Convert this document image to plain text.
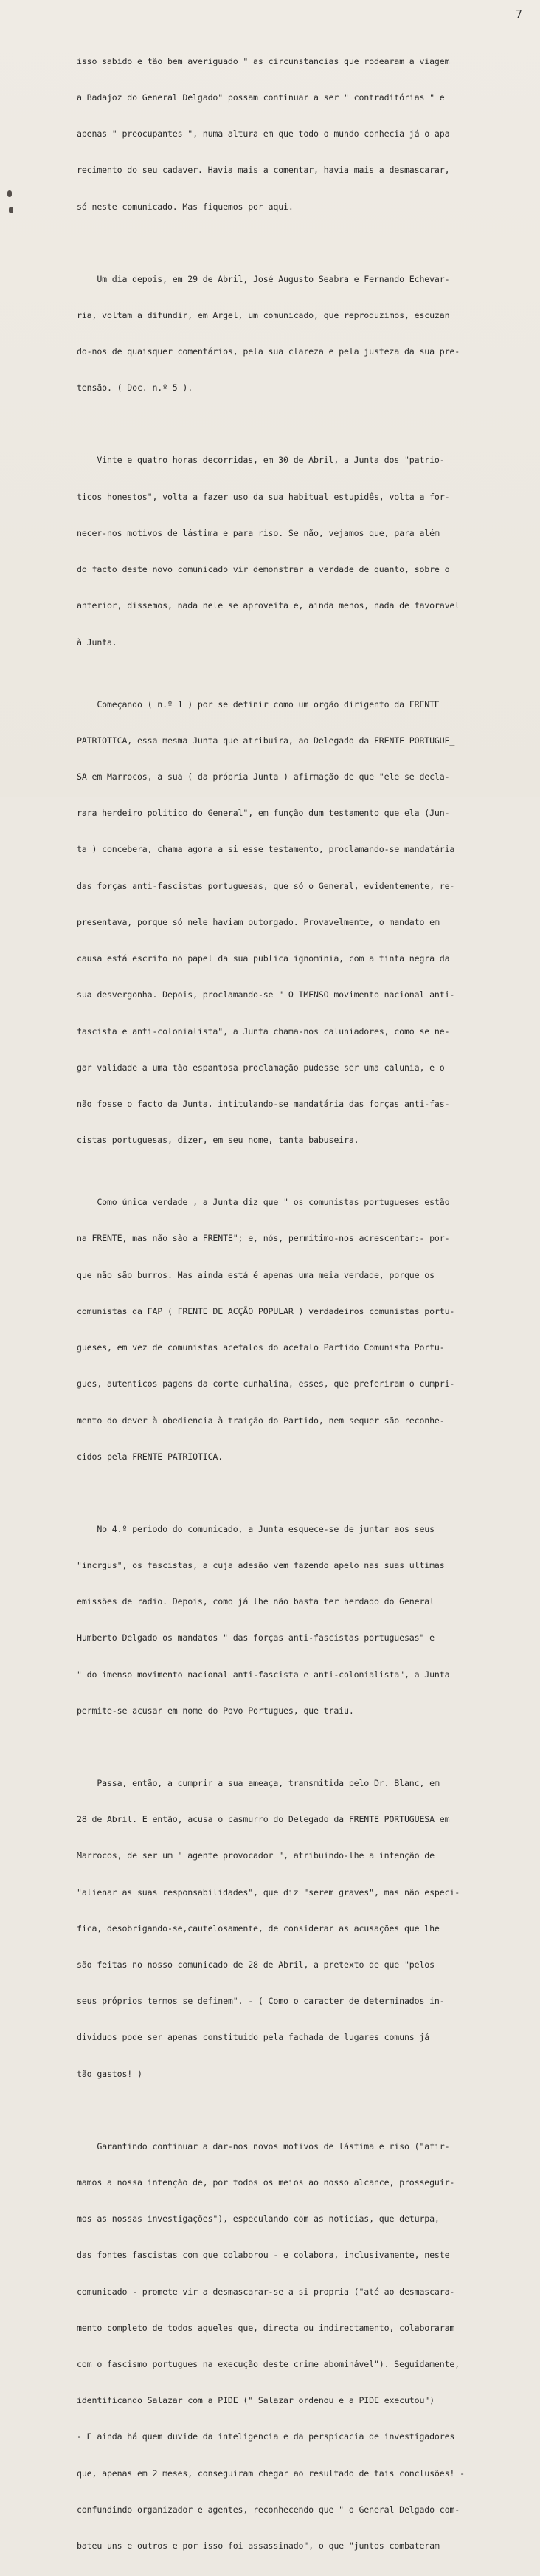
7

isso sabido e tão bem averiguado " as circunstancias que rodearam a viagem

a Badajoz do General Delgado" possam continuar a ser " contraditórias " e

apenas " preocupantes ", numa altura em que todo o mundo conhecia já o apa

recimento do seu cadaver. Havia mais a comentar, havia mais a desmascarar,

só neste comunicado. Mas fiquemos por aqui.

Um dia depois, em 29 de Abril, José Augusto Seabra e Fernando Echevar-

ria, voltam a difundir, em Argel, um comunicado, que reproduzimos, escuzan

do-nos de quaisquer comentários, pela sua clareza e pela justeza da sua pre-

tensão. ( Doc. n.º 5 ).

Vinte e quatro horas decorridas, em 30 de Abril, a Junta dos "patrio-

ticos honestos", volta a fazer uso da sua habitual estupidês, volta a for-

necer-nos motivos de lástima e para riso. Se não, vejamos que, para além

do facto deste novo comunicado vir demonstrar a verdade de quanto, sobre o

anterior, dissemos, nada nele se aproveita e, ainda menos, nada de favoravel

à Junta.

Começando ( n.º 1 ) por se definir como um orgão dirigento da FRENTE

PATRIOTICA, essa mesma Junta que atribuira, ao Delegado da FRENTE PORTUGUE_

SA em Marrocos, a sua ( da própria Junta ) afirmação de que "ele se decla-

rara herdeiro politico do General", em função dum testamento que ela (Jun-

ta ) concebera, chama agora a si esse testamento, proclamando-se mandatária

das forças anti-fascistas portuguesas, que só o General, evidentemente, re-

presentava, porque só nele haviam outorgado. Provavelmente, o mandato em

causa está escrito no papel da sua publica ignominia, com a tinta negra da

sua desvergonha. Depois, proclamando-se " O IMENSO movimento nacional anti-

fascista e anti-colonialista", a Junta chama-nos caluniadores, como se ne-

gar validade a uma tão espantosa proclamação pudesse ser uma calunia, e o

não fosse o facto da Junta, intitulando-se mandatária das forças anti-fas-

cistas portuguesas, dizer, em seu nome, tanta babuseira.

Como única verdade , a Junta diz que " os comunistas portugueses estão

na FRENTE, mas não são a FRENTE"; e, nós, permitimo-nos acrescentar:- por-

que não são burros. Mas ainda está é apenas uma meia verdade, porque os

comunistas da FAP ( FRENTE DE ACÇÃO POPULAR ) verdadeiros comunistas portu-

gueses, em vez de comunistas acefalos do acefalo Partido Comunista Portu-

gues, autenticos pagens da corte cunhalina, esses, que preferiram o cumpri-

mento do dever à obediencia à traição do Partido, nem sequer são reconhe-

cidos pela FRENTE PATRIOTICA.

No 4.º periodo do comunicado, a Junta esquece-se de juntar aos seus

"incrgus", os fascistas, a cuja adesão vem fazendo apelo nas suas ultimas

emissões de radio. Depois, como já lhe não basta ter herdado do General

Humberto Delgado os mandatos " das forças anti-fascistas portuguesas" e

" do imenso movimento nacional anti-fascista e anti-colonialista", a Junta

permite-se acusar em nome do Povo Portugues, que traiu.

Passa, então, a cumprir a sua ameaça, transmitida pelo Dr. Blanc, em

28 de Abril. E então, acusa o casmurro do Delegado da FRENTE PORTUGUESA em

Marrocos, de ser um " agente provocador ", atribuindo-lhe a intenção de

"alienar as suas responsabilidades", que diz "serem graves", mas não especi-

fica, desobrigando-se,cautelosamente, de considerar as acusações que lhe

são feitas no nosso comunicado de 28 de Abril, a pretexto de que "pelos

seus próprios termos se definem". - ( Como o caracter de determinados in-

dividuos pode ser apenas constituido pela fachada de lugares comuns já

tão gastos! )

Garantindo continuar a dar-nos novos motivos de lástima e riso ("afir-

mamos a nossa intenção de, por todos os meios ao nosso alcance, prosseguir-

mos as nossas investigações"), especulando com as noticias, que deturpa,

das fontes fascistas com que colaborou - e colabora, inclusivamente, neste

comunicado - promete vir a desmascarar-se a si propria ("até ao desmascara-

mento completo de todos aqueles que, directa ou indirectamento, colaboraram

com o fascismo portugues na execução deste crime abominável"). Seguidamente,

identificando Salazar com a PIDE (" Salazar ordenou e a PIDE executou")

- E ainda há quem duvide da inteligencia e da perspicacia de investigadores

que, apenas em 2 meses, conseguiram chegar ao resultado de tais conclusões! -

confundindo organizador e agentes, reconhecendo que " o General Delgado com-

bateu uns e outros e por isso foi assassinado", o que "juntos combateram
